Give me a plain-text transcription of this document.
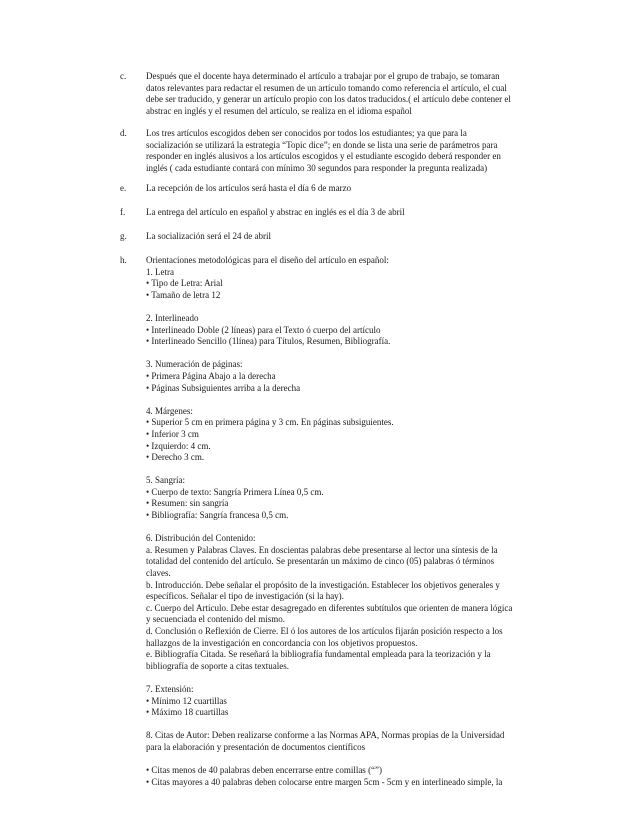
c. Después que el docente haya determinado el artículo a trabajar por el grupo de trabajo, se tomaran
datos relevantes para redactar el resumen de un artículo tomando como referencia el artículo, el cual
debe ser traducido, y generar un artículo propio con los datos traducidos.( el artículo debe contener el
abstrac en inglés y el resumen del artículo, se realiza en el idioma español
d. Los tres artículos escogidos deben ser conocidos por todos los estudiantes; ya que para la
socialización se utilizará la estrategia “Topic dice”; en donde se lista una serie de parámetros para
responder en inglés alusivos a los artículos escogidos y el estudiante escogido deberá responder en
inglés ( cada estudiante contará con mínimo 30 segundos para responder la pregunta realizada)
e. La recepción de los artículos será hasta el día 6 de marzo
f. La entrega del artículo en español y abstrac en inglés es el día 3 de abril
g. La socialización será el 24 de abril
h. Orientaciones metodológicas para el diseño del artículo en español:
1. Letra
• Tipo de Letra: Arial
• Tamaño de letra 12
2. Interlineado
• Interlineado Doble (2 líneas) para el Texto ó cuerpo del artículo
• Interlineado Sencillo (1línea) para Títulos, Resumen, Bibliografía.
3. Numeración de páginas:
• Primera Página Abajo a la derecha
• Páginas Subsiguientes arriba a la derecha
4. Márgenes:
• Superior 5 cm en primera página y 3 cm. En páginas subsiguientes.
• Inferior 3 cm
• Izquierdo: 4 cm.
• Derecho 3 cm.
5. Sangría:
• Cuerpo de texto: Sangría Primera Línea 0,5 cm.
• Resumen: sin sangría
• Bibliografía: Sangría francesa 0,5 cm.
6. Distribución del Contenido:
a. Resumen y Palabras Claves. En doscientas palabras debe presentarse al lector una síntesis de la
totalidad del contenido del artículo. Se presentarán un máximo de cinco (05) palabras ó términos
claves.
b. Introducción. Debe señalar el propósito de la investigación. Establecer los objetivos generales y
específicos. Señalar el tipo de investigación (si la hay).
c. Cuerpo del Artículo. Debe estar desagregado en diferentes subtítulos que orienten de manera lógica
y secuenciada el contenido del mismo.
d. Conclusión o Reflexión de Cierre. El ó los autores de los artículos fijarán posición respecto a los
hallazgos de la investigación en concordancia con los objetivos propuestos.
e. Bibliografía Citada. Se reseñará la bibliografía fundamental empleada para la teorización y la
bibliografía de soporte a citas textuales.
7. Extensión:
• Mínimo 12 cuartillas
• Máximo 18 cuartillas
8. Citas de Autor: Deben realizarse conforme a las Normas APA, Normas propias de la Universidad
para la elaboración y presentación de documentos científicos
• Citas menos de 40 palabras deben encerrarse entre comillas (“”)
• Citas mayores a 40 palabras deben colocarse entre margen 5cm - 5cm y en interlineado simple, la
